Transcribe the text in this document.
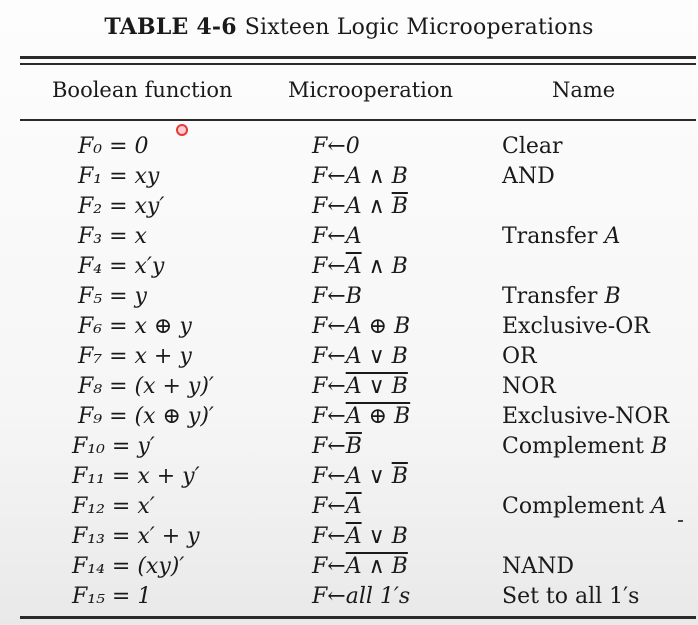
TABLE 4-6 Sixteen Logic Microoperations
Boolean function	Microoperation	Name
F₀ = 0	F←0	Clear
F₁ = xy	F←A ∧ B	AND
F₂ = xy′	F←A ∧ $\overline{B}$
F₃ = x	F←A	Transfer A
F₄ = x′y	$F\leftarrow\overline{A}$ ∧ B
F₅ = y	F←B	Transfer B
F₆ = x ⊕ y	F←A ⊕ B	Exclusive-OR
F₇ = x + y	F←A ∨ B	OR
F₈ = (x + y)′	F←A ∨ B	NOR
F₉ = (x ⊕ y)′	F←A ⊕ B	Exclusive-NOR
F₁₀ = y′	$F\leftarrow\overline{B}$	Complement B
F₁₁ = x + y′	F←A ∨ $\overline{B}$
F₁₂ = x′	$F\leftarrow\overline{A}$	Complement A
F₁₃ = x′ + y	$F\leftarrow\overline{A}$ ∨ B
F₁₄ = (xy)′	F←A ∧ B	NAND
F₁₅ = 1	F←all 1′s	Set to all 1′s
